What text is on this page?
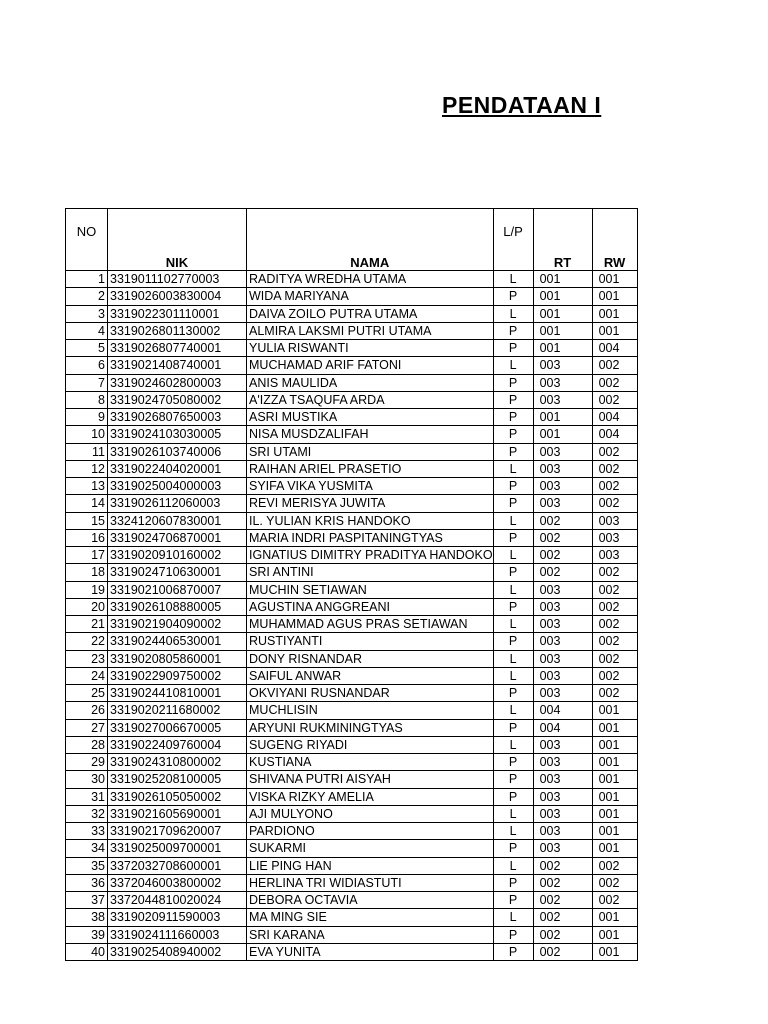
PENDATAAN I
NO	NIK	NAMA	L/P	RT	RW
1	3319011102770003	RADITYA WREDHA UTAMA	L	001	001
2	3319026003830004	WIDA MARIYANA	P	001	001
3	3319022301110001	DAIVA ZOILO PUTRA UTAMA	L	001	001
4	3319026801130002	ALMIRA LAKSMI PUTRI UTAMA	P	001	001
5	3319026807740001	YULIA RISWANTI	P	001	004
6	3319021408740001	MUCHAMAD ARIF FATONI	L	003	002
7	3319024602800003	ANIS MAULIDA	P	003	002
8	3319024705080002	A'IZZA TSAQUFA ARDA	P	003	002
9	3319026807650003	ASRI MUSTIKA	P	001	004
10	3319024103030005	NISA MUSDZALIFAH	P	001	004
11	3319026103740006	SRI UTAMI	P	003	002
12	3319022404020001	RAIHAN ARIEL PRASETIO	L	003	002
13	3319025004000003	SYIFA VIKA YUSMITA	P	003	002
14	3319026112060003	REVI MERISYA JUWITA	P	003	002
15	3324120607830001	IL. YULIAN KRIS HANDOKO	L	002	003
16	3319024706870001	MARIA INDRI PASPITANINGTYAS	P	002	003
17	3319020910160002	IGNATIUS DIMITRY PRADITYA HANDOKO	L	002	003
18	3319024710630001	SRI ANTINI	P	002	002
19	3319021006870007	MUCHIN SETIAWAN	L	003	002
20	3319026108880005	AGUSTINA ANGGREANI	P	003	002
21	3319021904090002	MUHAMMAD AGUS PRAS SETIAWAN	L	003	002
22	3319024406530001	RUSTIYANTI	P	003	002
23	3319020805860001	DONY RISNANDAR	L	003	002
24	3319022909750002	SAIFUL ANWAR	L	003	002
25	3319024410810001	OKVIYANI RUSNANDAR	P	003	002
26	3319020211680002	MUCHLISIN	L	004	001
27	3319027006670005	ARYUNI RUKMININGTYAS	P	004	001
28	3319022409760004	SUGENG RIYADI	L	003	001
29	3319024310800002	KUSTIANA	P	003	001
30	3319025208100005	SHIVANA PUTRI AISYAH	P	003	001
31	3319026105050002	VISKA RIZKY AMELIA	P	003	001
32	3319021605690001	AJI MULYONO	L	003	001
33	3319021709620007	PARDIONO	L	003	001
34	3319025009700001	SUKARMI	P	003	001
35	3372032708600001	LIE PING HAN	L	002	002
36	3372046003800002	HERLINA TRI WIDIASTUTI	P	002	002
37	3372044810020024	DEBORA OCTAVIA	P	002	002
38	3319020911590003	MA MING SIE	L	002	001
39	3319024111660003	SRI KARANA	P	002	001
40	3319025408940002	EVA YUNITA	P	002	001
